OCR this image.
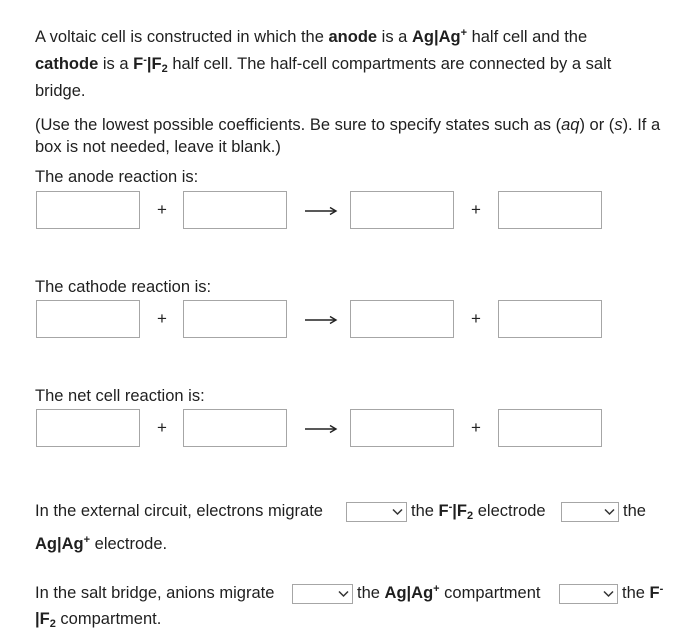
A voltaic cell is constructed in which the anode is a Ag|Ag+ half cell and the
cathode is a $F^-|F_2$ half cell. The half-cell compartments are connected by a salt
bridge.
(Use the lowest possible coefficients. Be sure to specify states such as (aq) or (s). If a
box is not needed, leave it blank.)
The anode reaction is:
+	+
The cathode reaction is:
+	+
The net cell reaction is:
+	+
In the external circuit, electrons migrate	the $F^-|F_2$ electrode	the
Ag|Ag+ electrode.
In the salt bridge, anions migrate	the Ag|Ag+ compartment	the F-
$|F_2$ compartment.
